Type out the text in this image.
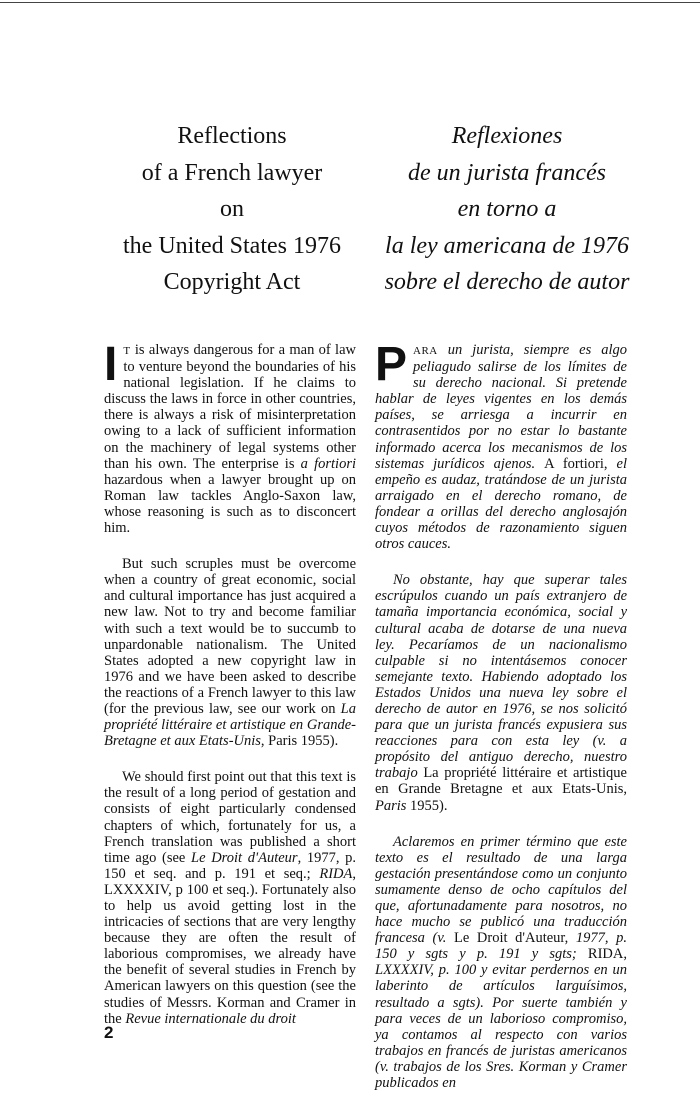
Reflections
of a French lawyer
on
the United States 1976
Copyright Act
Reflexiones
de un jurista francés
en torno a
la ley americana de 1976
sobre el derecho de autor

I T is always dangerous for a man of law to venture beyond the boundaries of his national legislation. If he claims to discuss the laws in force in other countries, there is always a risk of misinterpretation owing to a lack of sufficient information on the machinery of legal systems other than his own. The enterprise is a fortiori hazardous when a lawyer brought up on Roman law tackles Anglo-Saxon law, whose reasoning is such as to disconcert him.

But such scruples must be overcome when a country of great economic, social and cultural importance has just acquired a new law. Not to try and become familiar with such a text would be to succumb to unpardonable nationalism. The United States adopted a new copyright law in 1976 and we have been asked to describe the reactions of a French lawyer to this law (for the previous law, see our work on La propriété littéraire et artistique en Grande-Bretagne et aux Etats-Unis, Paris 1955).

We should first point out that this text is the result of a long period of gestation and consists of eight particularly condensed chapters of which, fortunately for us, a French translation was published a short time ago (see Le Droit d'Auteur, 1977, p. 150 et seq. and p. 191 et seq.; RIDA, LXXXXIV, p 100 et seq.). Fortunately also to help us avoid getting lost in the intricacies of sections that are very lengthy because they are often the result of laborious compromises, we already have the benefit of several studies in French by American lawyers on this question (see the studies of Messrs. Korman and Cramer in the Revue internationale du droit

PARA un jurista, siempre es algo peliagudo salirse de los límites de su derecho nacional. Si pretende hablar de leyes vigentes en los demás países, se arriesga a incurrir en contrasentidos por no estar lo bastante informado acerca los mecanismos de los sistemas jurídicos ajenos. A fortiori, el empeño es audaz, tratándose de un jurista arraigado en el derecho romano, de fondear a orillas del derecho anglosajón cuyos métodos de razonamiento siguen otros cauces.

No obstante, hay que superar tales escrúpulos cuando un país extranjero de tamaña importancia económica, social y cultural acaba de dotarse de una nueva ley. Pecaríamos de un nacionalismo culpable si no intentásemos conocer semejante texto. Habiendo adoptado los Estados Unidos una nueva ley sobre el derecho de autor en 1976, se nos solicitó para que un jurista francés expusiera sus reacciones para con esta ley (v. a propósito del antiguo derecho, nuestro trabajo La propriété littéraire et artistique en Grande Bretagne et aux Etats-Unis, Paris 1955).

Aclaremos en primer término que este texto es el resultado de una larga gestación presentándose como un conjunto sumamente denso de ocho capítulos del que, afortunadamente para nosotros, no hace mucho se publicó una traducción francesa (v. Le Droit d'Auteur, 1977, p. 150 y sgts y p. 191 y sgts; RIDA, LXXXXIV, p. 100 y evitar perdernos en un laberinto de artículos larguísimos, resultado a sgts). Por suerte también y para veces de un laborioso compromiso, ya contamos al respecto con varios trabajos en francés de juristas americanos (v. trabajos de los Sres. Korman y Cramer publicados en

2
